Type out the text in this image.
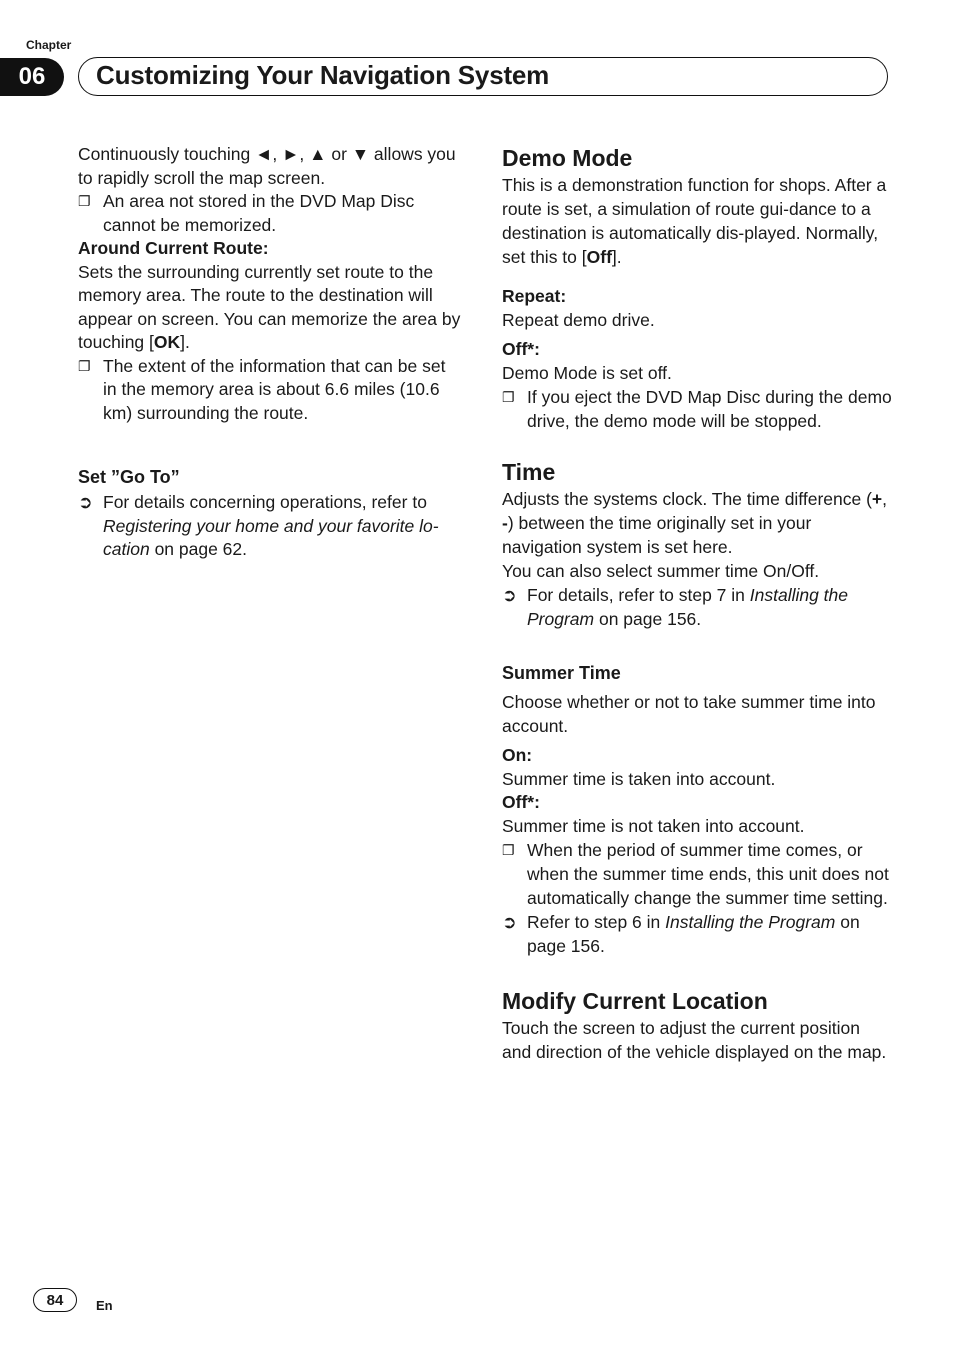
Chapter
06	Customizing Your Navigation System

Continuously touching ◄, ►, ▲ or ▼ allows you to rapidly scroll the map screen.

❐ An area not stored in the DVD Map Disc cannot be memorized.

Around Current Route:

Sets the surrounding currently set route to the memory area. The route to the destination will appear on screen. You can memorize the area by touching [OK].

❐ The extent of the information that can be set in the memory area is about 6.6 miles (10.6 km) surrounding the route.
Set ”Go To”
➲ For details concerning operations, refer to Registering your home and your favorite lo-cation on page 62.
Demo Mode

This is a demonstration function for shops. After a route is set, a simulation of route gui-dance to a destination is automatically dis-played. Normally, set this to [Off].

Repeat:

Repeat demo drive.

Off*:

Demo Mode is set off.

❐ If you eject the DVD Map Disc during the demo drive, the demo mode will be stopped.
Time

Adjusts the systems clock. The time difference (+, -) between the time originally set in your navigation system is set here.

You can also select summer time On/Off.

➲ For details, refer to step 7 in Installing the Program on page 156.
Summer Time

Choose whether or not to take summer time into account.

On:

Summer time is taken into account.

Off*:

Summer time is not taken into account.

❐ When the period of summer time comes, or when the summer time ends, this unit does not automatically change the summer time setting.
➲ Refer to step 6 in Installing the Program on page 156.
Modify Current Location

Touch the screen to adjust the current position and direction of the vehicle displayed on the map.

84	En
